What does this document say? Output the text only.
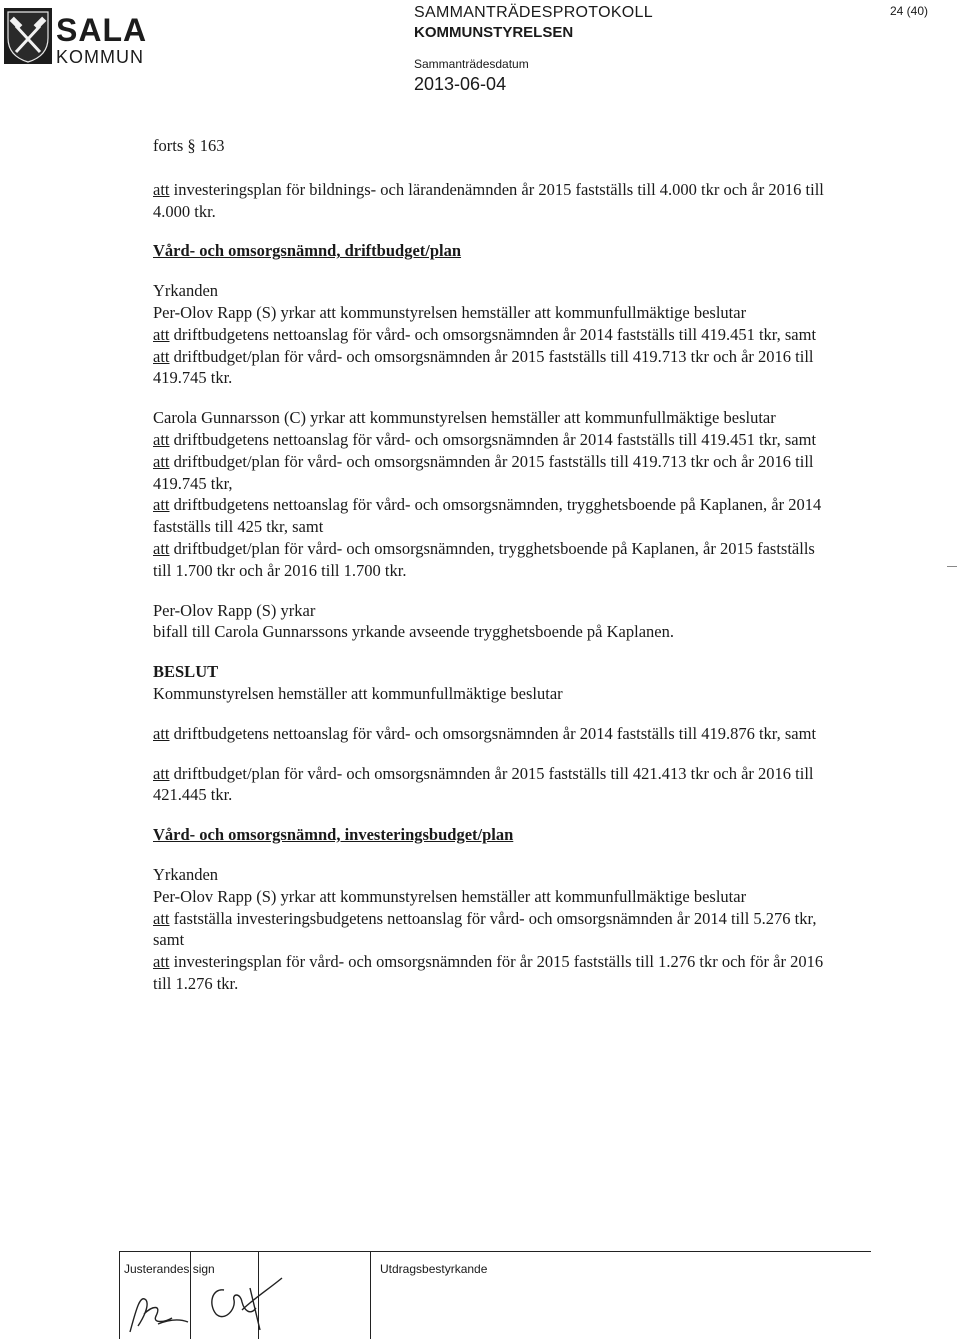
SALA
KOMMUN
SAMMANTRÄDESPROTOKOLL
KOMMUNSTYRELSEN
Sammanträdesdatum
2013-06-04
24 (40)

forts § 163

att investeringsplan för bildnings- och lärandenämnden år 2015 fastställs till 4.000 tkr och år 2016 till 4.000 tkr.

Vård- och omsorgsnämnd, driftbudget/plan

Yrkanden

Per-Olov Rapp (S) yrkar att kommunstyrelsen hemställer att kommunfullmäktige beslutar

att driftbudgetens nettoanslag för vård- och omsorgsnämnden år 2014 fastställs till 419.451 tkr, samt

att driftbudget/plan för vård- och omsorgsnämnden år 2015 fastställs till 419.713 tkr och år 2016 till 419.745 tkr.

Carola Gunnarsson (C) yrkar att kommunstyrelsen hemställer att kommunfullmäktige beslutar

att driftbudgetens nettoanslag för vård- och omsorgsnämnden år 2014 fastställs till 419.451 tkr, samt

att driftbudget/plan för vård- och omsorgsnämnden år 2015 fastställs till 419.713 tkr och år 2016 till 419.745 tkr,

att driftbudgetens nettoanslag för vård- och omsorgsnämnden, trygghetsboende på Kaplanen, år 2014 fastställs till 425 tkr, samt

att driftbudget/plan för vård- och omsorgsnämnden, trygghetsboende på Kaplanen, år 2015 fastställs till 1.700 tkr och år 2016 till 1.700 tkr.

Per-Olov Rapp (S) yrkar

bifall till Carola Gunnarssons yrkande avseende trygghetsboende på Kaplanen.

BESLUT

Kommunstyrelsen hemställer att kommunfullmäktige beslutar

att driftbudgetens nettoanslag för vård- och omsorgsnämnden år 2014 fastställs till 419.876 tkr, samt

att driftbudget/plan för vård- och omsorgsnämnden år 2015 fastställs till 421.413 tkr och år 2016 till 421.445 tkr.

Vård- och omsorgsnämnd, investeringsbudget/plan

Yrkanden

Per-Olov Rapp (S) yrkar att kommunstyrelsen hemställer att kommunfullmäktige beslutar

att fastställa investeringsbudgetens nettoanslag för vård- och omsorgsnämnden år 2014 till 5.276 tkr, samt

att investeringsplan för vård- och omsorgsnämnden för år 2015 fastställs till 1.276 tkr och för år 2016 till 1.276 tkr.

Justerandes sign	Utdragsbestyrkande
